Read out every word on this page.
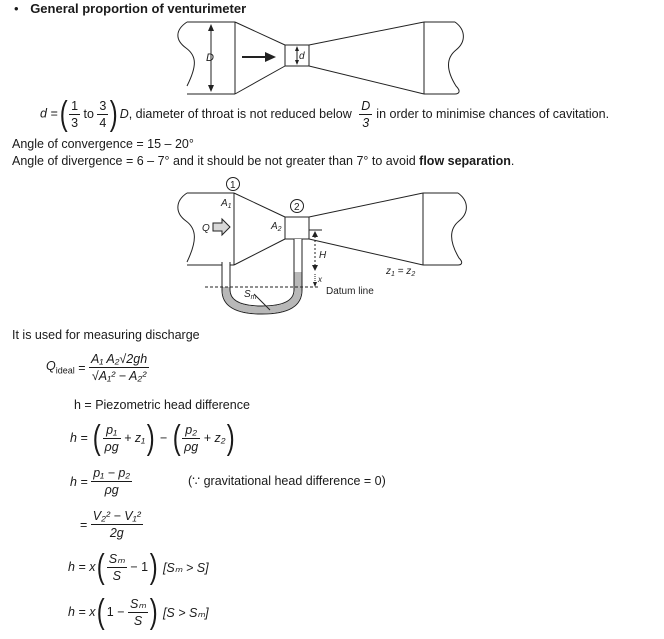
• General proportion of venturimeter
D	d
d =( $\frac{1}{3}$ to $\frac{3}{4}$ ) D, diameter of throat is not reduced below $\frac{D}{3}$ in order to minimise chances of cavitation.
Angle of convergence = 15 – 20°
Angle of divergence = 6 – 7° and it should be not greater than 7° to avoid flow separation.
1
2
$A_1$
$A_2$
Q
H
x
$S_m$
$z_1 = z_2$
Datum line
It is used for measuring discharge
$Q_{ideal} = \frac{\text{A₁ A₂√2gh}}{\text{√A₁² − A₂²}}$
h = Piezometric head difference
h = ( $\frac{\text{p₁}}{\rho g} + z_1$) − ( $\frac{\text{p₂}}{\rho g} + z_2$)
$h = \frac{\text{p₁ − p₂}}{\rho g}$	(∵ gravitational head difference = 0)
= $\frac{\text{V₂² − V₁²}}{2g}$
$h = x( \frac{\text{Sₘ}}{S} - 1)$ [Sₘ > S]
h = x( $1 - \frac{\text{Sₘ}}{S}$ ) [S > Sₘ]
